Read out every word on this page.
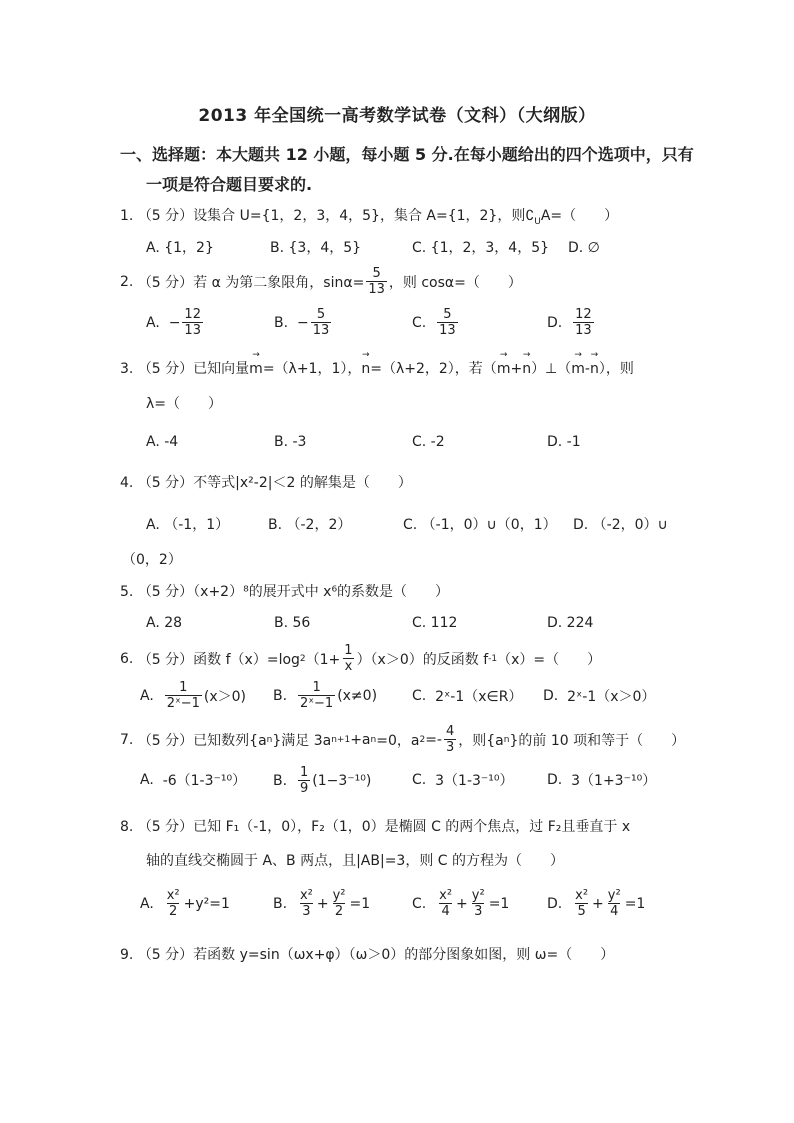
2013 年全国统一高考数学试卷（文科）（大纲版）
一、选择题：本大题共 12 小题，每小题 5 分.在每小题给出的四个选项中，只有
一项是符合题目要求的.
1. （5 分）设集合 U={1，2，3，4，5}，集合 A={1，2}，则$∁_UA=$（　　）
A. {1，2}	B. {3，4，5}	C. {1，2，3，4，5} D. ∅
2.
（5 分）若 α 为第二象限角，$\sin\alpha= \frac{5}{13}$ ，则 cosα=（　　）
A.
− $\frac{12}{13}$	B.
− $\frac{5}{13}$	C.
$\frac{5}{13}$	D.
$\frac{12}{13}$
3. （5 分）已知向量→ m=（λ+1，1），→ n=（λ+2，2），若（→ m+→ n）⊥（→ m-→ n），则
λ=（　　）
A. -4	B. -3	C. -2	D. -1
4. （5 分）不等式|x²-2|＜2 的解集是（　　）
A. （-1，1）	B. （-2，2）	C. （-1，0）∪（0，1） D. （-2，0）∪
（0，2）
5. （5 分）（x+2）⁸的展开式中 x⁶的系数是（　　）
A. 28	B. 56	C. 112	D. 224
6.
（5 分）函数 f（x）=log 2 $(1+ \frac{1}{x} )(x>0)$的反函数 f -1 （x）=（　　）
A.
$\frac{1}{\text{2ˣ−1}} (x>0)$ B.
$\frac{1}{\text{2ˣ−1}} (x\ne 0)$ C.
2ˣ-1（x∈R） D.
2ˣ-1（x＞0）
7.
（5 分）已知数列{a n }满足 3a n+1 +a n =0，a $2 =- \frac{4}{3}$ ，则{a n }的前 10 项和等于（　　）
A.
-6（1-3⁻¹⁰） B.
$\frac{1}{9} (1-3^{-10})$	C.
3（1-3⁻¹⁰） D.
3（1+3⁻¹⁰）
8. （5 分）已知 F₁（-1，0），F₂（1，0）是椭圆 C 的两个焦点，过 F₂且垂直于 x
轴的直线交椭圆于 A、B 两点，且|AB|=3，则 C 的方程为（　　）
A.
$\frac{\text{x²}}{2} +y^2=1$	B.
$\frac{\text{x²}}{3} + \frac{\text{y²}}{2} =1$	C.
$\frac{\text{x²}}{4} + \frac{\text{y²}}{3} =1$	D.
$\frac{\text{x²}}{5} + \frac{\text{y²}}{4} =1$
9. （5 分）若函数 y=sin（ωx+φ）（ω＞0）的部分图象如图，则 ω=（　　）
